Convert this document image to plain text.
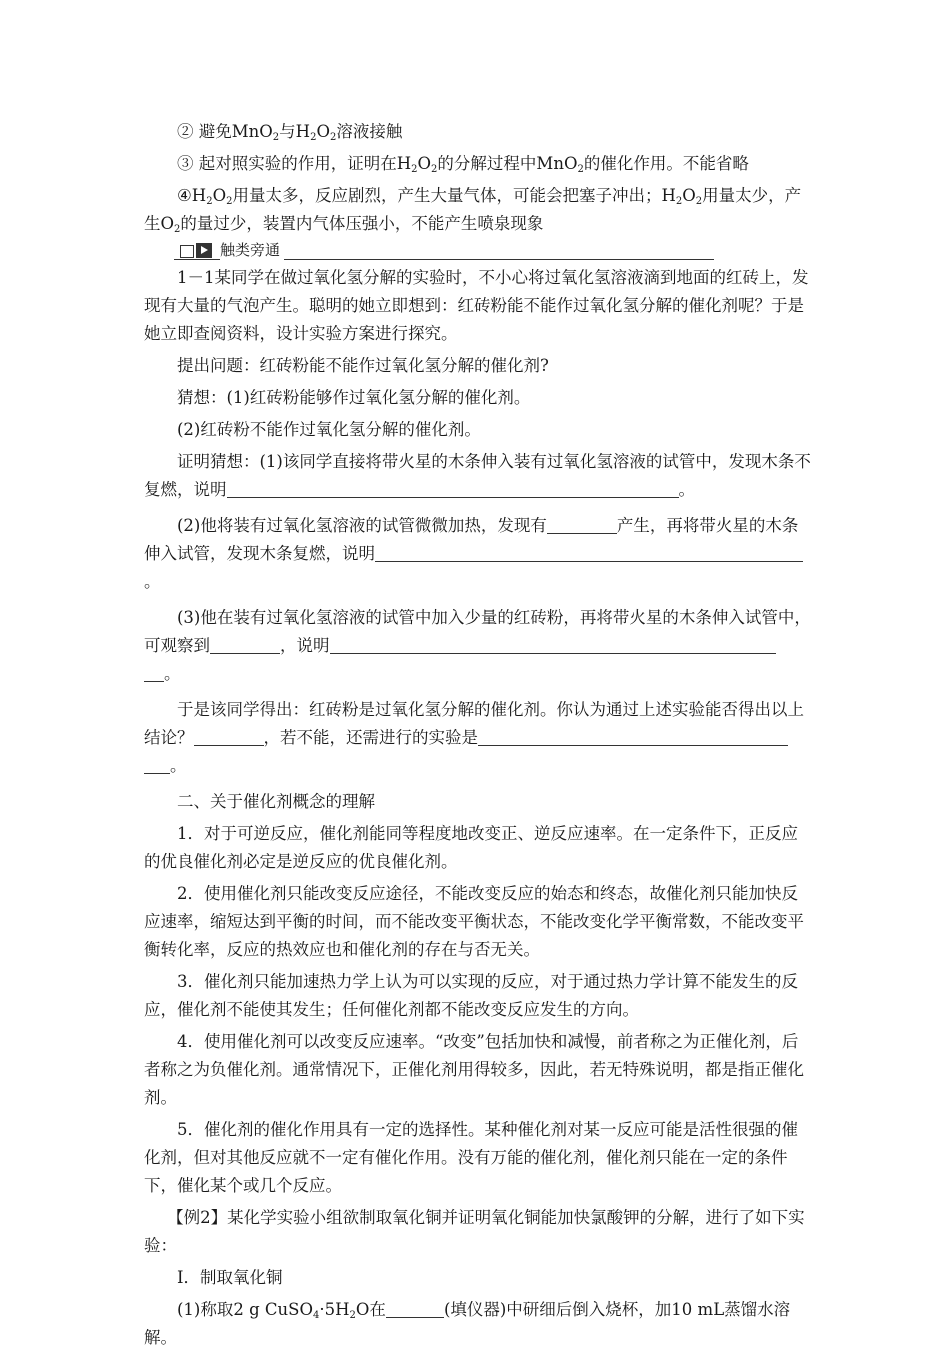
② 避免MnO$_2$与$H_2O_2$溶液接触

③ 起对照实验的作用，证明在$H_2O_2$的分解过程中MnO$_2$的催化作用。不能省略

$④H_2O_2$用量太多，反应剧烈，产生大量气体，可能会把塞子冲出；$H_2O_2$用量太少，产生$O_2$的量过少，装置内气体压强小，不能产生喷泉现象

触类旁通

1－1某同学在做过氧化氢分解的实验时，不小心将过氧化氢溶液滴到地面的红砖上，发现有大量的气泡产生。聪明的她立即想到：红砖粉能不能作过氧化氢分解的催化剂呢？于是她立即查阅资料，设计实验方案进行探究。

提出问题：红砖粉能不能作过氧化氢分解的催化剂?

猜想：(1)红砖粉能够作过氧化氢分解的催化剂。

(2)红砖粉不能作过氧化氢分解的催化剂。

证明猜想：(1)该同学直接将带火星的木条伸入装有过氧化氢溶液的试管中，发现木条不复燃，说明	。

(2)他将装有过氧化氢溶液的试管微微加热，发现有	产生，再将带火星的木条伸入试管，发现木条复燃，说明。

(3)他在装有过氧化氢溶液的试管中加入少量的红砖粉，再将带火星的木条伸入试管中，可观察到	，说明
。

于是该同学得出：红砖粉是过氧化氢分解的催化剂。你认为通过上述实验能否得出以上结论？	，若不能，还需进行的实验是
。

二、关于催化剂概念的理解

1．对于可逆反应，催化剂能同等程度地改变正、逆反应速率。在一定条件下，正反应的优良催化剂必定是逆反应的优良催化剂。

2．使用催化剂只能改变反应途径，不能改变反应的始态和终态，故催化剂只能加快反应速率，缩短达到平衡的时间，而不能改变平衡状态，不能改变化学平衡常数，不能改变平衡转化率，反应的热效应也和催化剂的存在与否无关。

3．催化剂只能加速热力学上认为可以实现的反应，对于通过热力学计算不能发生的反应，催化剂不能使其发生；任何催化剂都不能改变反应发生的方向。

4．使用催化剂可以改变反应速率。“改变”包括加快和减慢，前者称之为正催化剂，后者称之为负催化剂。通常情况下，正催化剂用得较多，因此，若无特殊说明，都是指正催化剂。

5．催化剂的催化作用具有一定的选择性。某种催化剂对某一反应可能是活性很强的催化剂，但对其他反应就不一定有催化作用。没有万能的催化剂，催化剂只能在一定的条件下，催化某个或几个反应。

【例2】某化学实验小组欲制取氧化铜并证明氧化铜能加快氯酸钾的分解，进行了如下实验：

Ⅰ．制取氧化铜

(1)称取2 g $CuSO_4\cdot 5H_2O$在	(填仪器)中研细后倒入烧杯，加10 mL蒸馏水溶解。
